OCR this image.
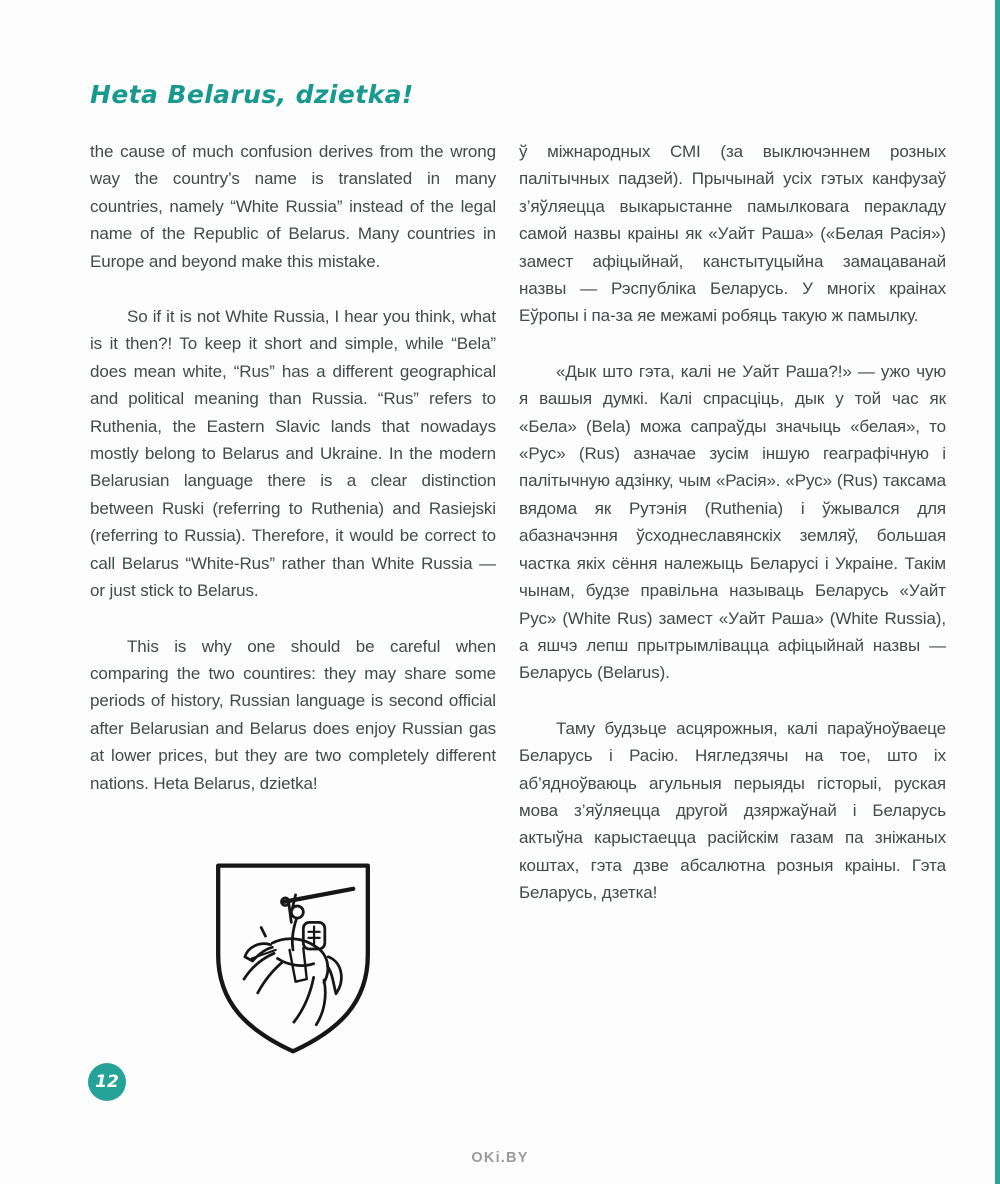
Heta Belarus, dzietka!

the cause of much confusion derives from the wrong way the country’s name is translated in many countries, namely “White Russia” instead of the legal name of the Republic of Belarus. Many countries in Europe and beyond make this mistake.

So if it is not White Russia, I hear you think, what is it then?! To keep it short and simple, while “Bela” does mean white, “Rus” has a different geographical and political meaning than Russia. “Rus” refers to Ruthenia, the Eastern Slavic lands that nowadays mostly belong to Belarus and Ukraine. In the modern Belarusian language there is a clear distinction between Ruski (referring to Ruthenia) and Rasiejski (referring to Russia). Therefore, it would be correct to call Belarus “White-Rus” rather than White Russia — or just stick to Belarus.

This is why one should be careful when comparing the two countires: they may share some periods of history, Russian language is second official after Belarusian and Belarus does enjoy Russian gas at lower prices, but they are two completely different nations. Heta Belarus, dzietka!

ў міжнародных СМІ (за выключэннем розных палітычных падзей). Прычынай усіх гэтых канфузаў з’яўляецца выкарыстанне памылковага перакладу самой назвы краіны як «Уайт Раша» («Белая Расія») замест афіцыйнай, канстытуцыйна замацаванай назвы — Рэспубліка Беларусь. У многіх краінах Еўропы і па-за яе межамі робяць такую ж памылку.

«Дык што гэта, калі не Уайт Раша?!» — ужо чую я вашыя думкі. Калі спрасціць, дык у той час як «Бела» (Bela) можа сапраўды значыць «белая», то «Рус» (Rus) азначае зусім іншую геаграфічную і палітычную адзінку, чым «Расія». «Рус» (Rus) таксама вядома як Рутэнія (Ruthenia) і ўжывался для абазначэння ўсходнеславянскіх земляў, большая частка якіх сёння належыць Беларусі і Украіне. Такім чынам, будзе правільна называць Беларусь «Уайт Рус» (White Rus) замест «Уайт Раша» (White Russia), а яшчэ лепш прытрымлівацца афіцыйнай назвы — Беларусь (Belarus).

Таму будзьце асцярожныя, калі параўноўваеце Беларусь і Расію. Нягледзячы на тое, што іх аб’ядноўваюць агульныя перыяды гісторыі, руская мова з’яўляецца другой дзяржаўнай і Беларусь актыўна карыстаецца расійскім газам па зніжаных коштах, гэта дзве абсалютна розныя краіны. Гэта Беларусь, дзетка!

12
OKi.BY
